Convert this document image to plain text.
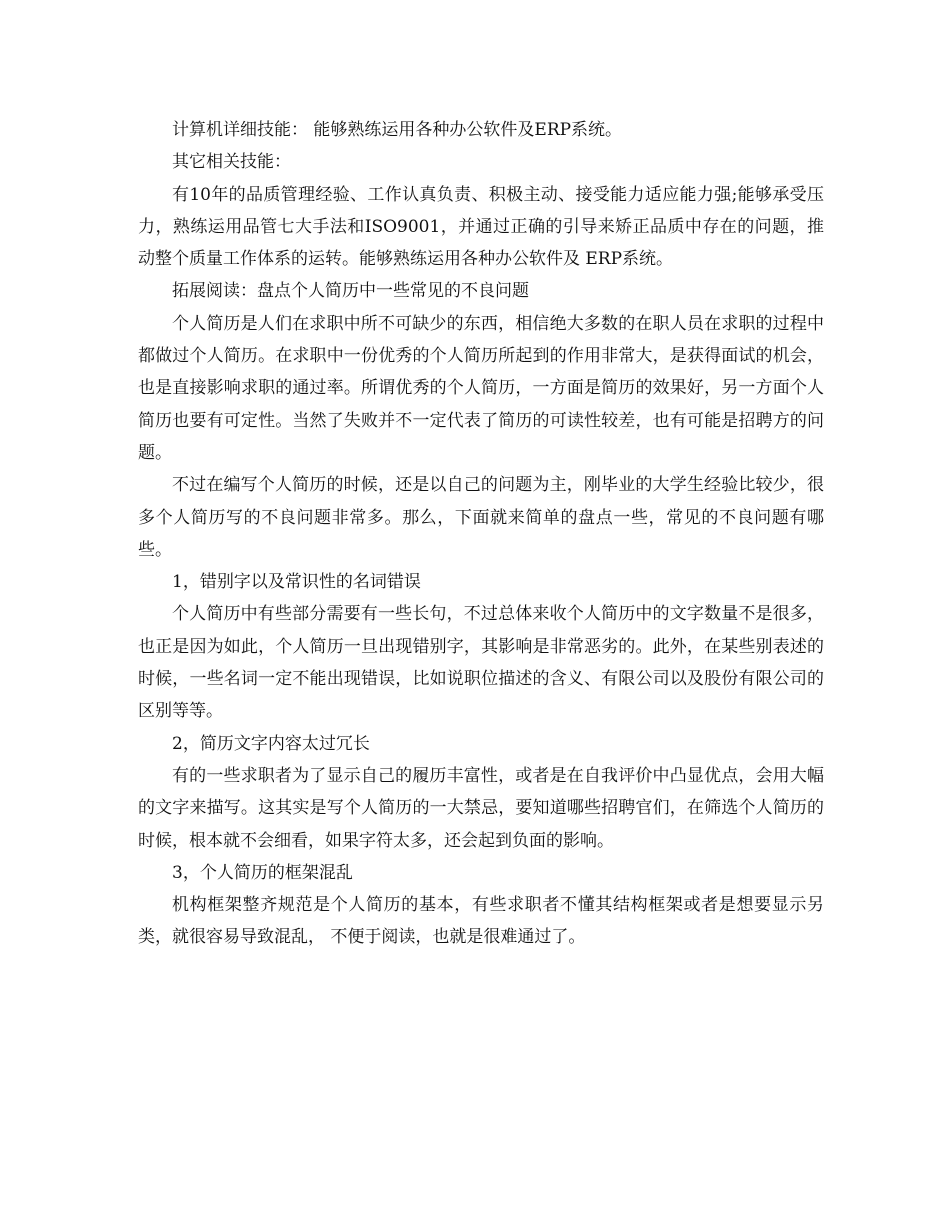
计算机详细技能： 能够熟练运用各种办公软件及ERP系统。

其它相关技能：

有10年的品质管理经验、工作认真负责、积极主动、接受能力适应能力强;能够承受压力，熟练运用品管七大手法和ISO9001，并通过正确的引导来矫正品质中存在的问题，推动整个质量工作体系的运转。能够熟练运用各种办公软件及 ERP系统。

拓展阅读：盘点个人简历中一些常见的不良问题

个人简历是人们在求职中所不可缺少的东西，相信绝大多数的在职人员在求职的过程中都做过个人简历。在求职中一份优秀的个人简历所起到的作用非常大，是获得面试的机会，也是直接影响求职的通过率。所谓优秀的个人简历，一方面是简历的效果好，另一方面个人简历也要有可定性。当然了失败并不一定代表了简历的可读性较差，也有可能是招聘方的问题。

不过在编写个人简历的时候，还是以自己的问题为主，刚毕业的大学生经验比较少，很多个人简历写的不良问题非常多。那么，下面就来简单的盘点一些，常见的不良问题有哪些。

1，错别字以及常识性的名词错误

个人简历中有些部分需要有一些长句，不过总体来收个人简历中的文字数量不是很多，也正是因为如此，个人简历一旦出现错别字，其影响是非常恶劣的。此外，在某些别表述的时候，一些名词一定不能出现错误，比如说职位描述的含义、有限公司以及股份有限公司的区别等等。

2，简历文字内容太过冗长

有的一些求职者为了显示自己的履历丰富性，或者是在自我评价中凸显优点，会用大幅的文字来描写。这其实是写个人简历的一大禁忌，要知道哪些招聘官们，在筛选个人简历的时候，根本就不会细看，如果字符太多，还会起到负面的影响。

3，个人简历的框架混乱

机构框架整齐规范是个人简历的基本，有些求职者不懂其结构框架或者是想要显示另类，就很容易导致混乱， 不便于阅读，也就是很难通过了。
